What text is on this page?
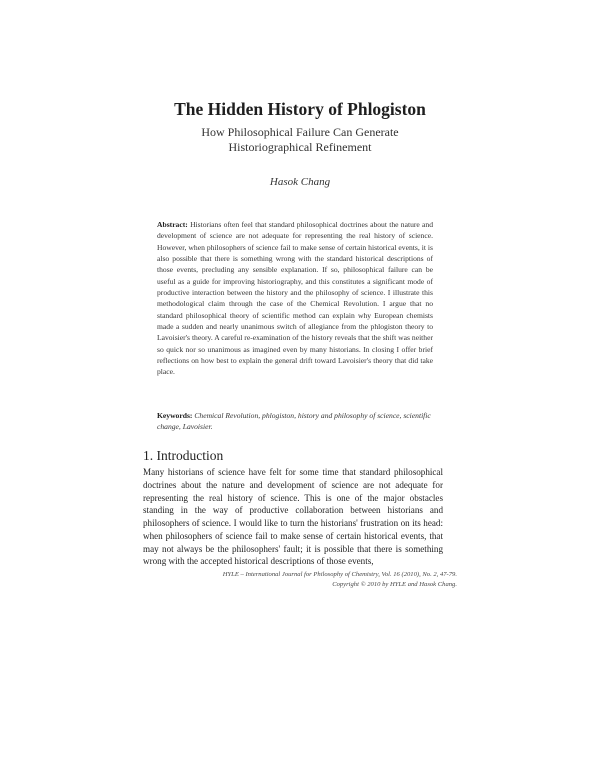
The Hidden History of Phlogiston
How Philosophical Failure Can Generate
Historiographical Refinement
Hasok Chang
Abstract: Historians often feel that standard philosophical doctrines about the nature and development of science are not adequate for representing the real history of science. However, when philosophers of science fail to make sense of certain historical events, it is also possible that there is something wrong with the standard historical descriptions of those events, precluding any sensible explanation. If so, philosophical failure can be useful as a guide for improving historiography, and this constitutes a significant mode of productive interaction between the history and the philosophy of science. I illustrate this methodological claim through the case of the Chemical Revolution. I argue that no standard philosophical theory of scientific method can explain why European chemists made a sudden and nearly unanimous switch of allegiance from the phlogiston theory to Lavoisier's theory. A careful re-examination of the history reveals that the shift was neither so quick nor so unanimous as imagined even by many historians. In closing I offer brief reflections on how best to explain the general drift toward Lavoisier's theory that did take place.
Keywords: Chemical Revolution, phlogiston, history and philosophy of science, scientific change, Lavoisier.
1. Introduction
Many historians of science have felt for some time that standard philosophical doctrines about the nature and development of science are not adequate for representing the real history of science. This is one of the major obstacles standing in the way of productive collaboration between historians and philosophers of science. I would like to turn the historians' frustration on its head: when philosophers of science fail to make sense of certain historical events, that may not always be the philosophers' fault; it is possible that there is something wrong with the accepted historical descriptions of those events,
HYLE – International Journal for Philosophy of Chemistry, Vol. 16 (2010), No. 2, 47-79.
Copyright © 2010 by HYLE and Hasok Chang.
